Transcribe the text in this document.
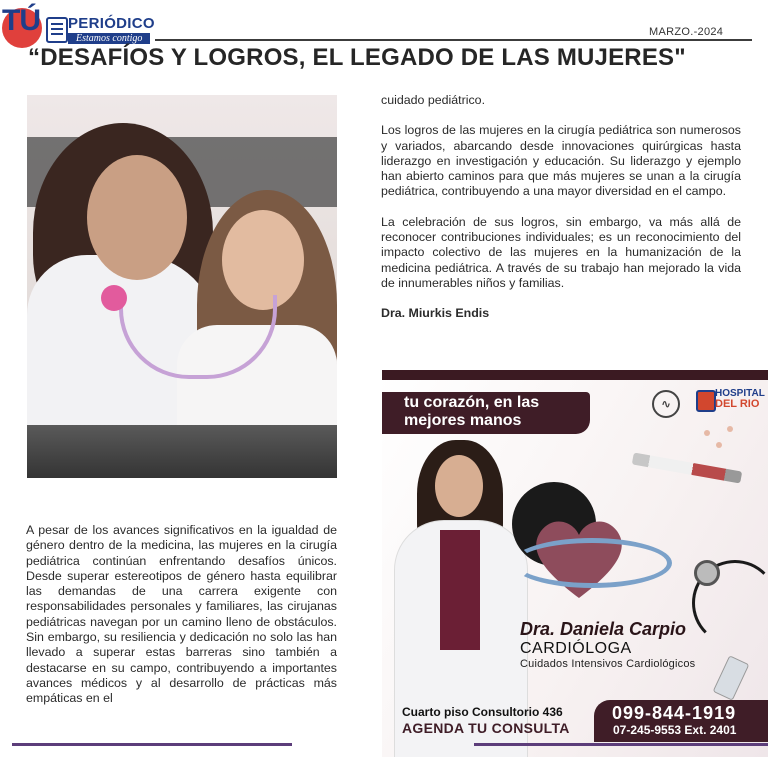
TÚ PERIÓDICO
Estamos contigo
MARZO.-2024
“DESAFÍOS Y LOGROS, EL LEGADO DE LAS MUJERES"

cuidado pediátrico.

Los logros de las mujeres en la cirugía pediátrica son numerosos y variados, abarcando desde innovaciones quirúrgicas hasta liderazgo en investigación y educación. Su liderazgo y ejemplo han abierto caminos para que más mujeres se unan a la cirugía pediátrica, contribuyendo a una mayor diversidad en el campo.

La celebración de sus logros, sin embargo, va más allá de reconocer contribuciones individuales; es un reconocimiento del impacto colectivo de las mujeres en la humanización de la medicina pediátrica. A través de su trabajo han mejorado la vida de innumerables niños y familias.

Dra. Miurkis Endis

A pesar de los avances significativos en la igualdad de género dentro de la medicina, las mujeres en la cirugía pediátrica continúan enfrentando desafíos únicos. Desde superar estereotipos de género hasta equilibrar las demandas de una carrera exigente con responsabilidades personales y familiares, las cirujanas pediátricas navegan por un camino lleno de obstáculos. Sin embargo, su resiliencia y dedicación no solo las han llevado a superar estas barreras sino también a destacarse en su campo, contribuyendo a importantes avances médicos y al desarrollo de prácticas más empáticas en el

tu corazón, en las mejores manos
∿
HOSPITAL
DEL RIO
Dra. Daniela Carpio
CARDIÓLOGA
Cuidados Intensivos Cardiológicos
Cuarto piso Consultorio 436
AGENDA TU CONSULTA
099-844-1919
07-245-9553 Ext. 2401
